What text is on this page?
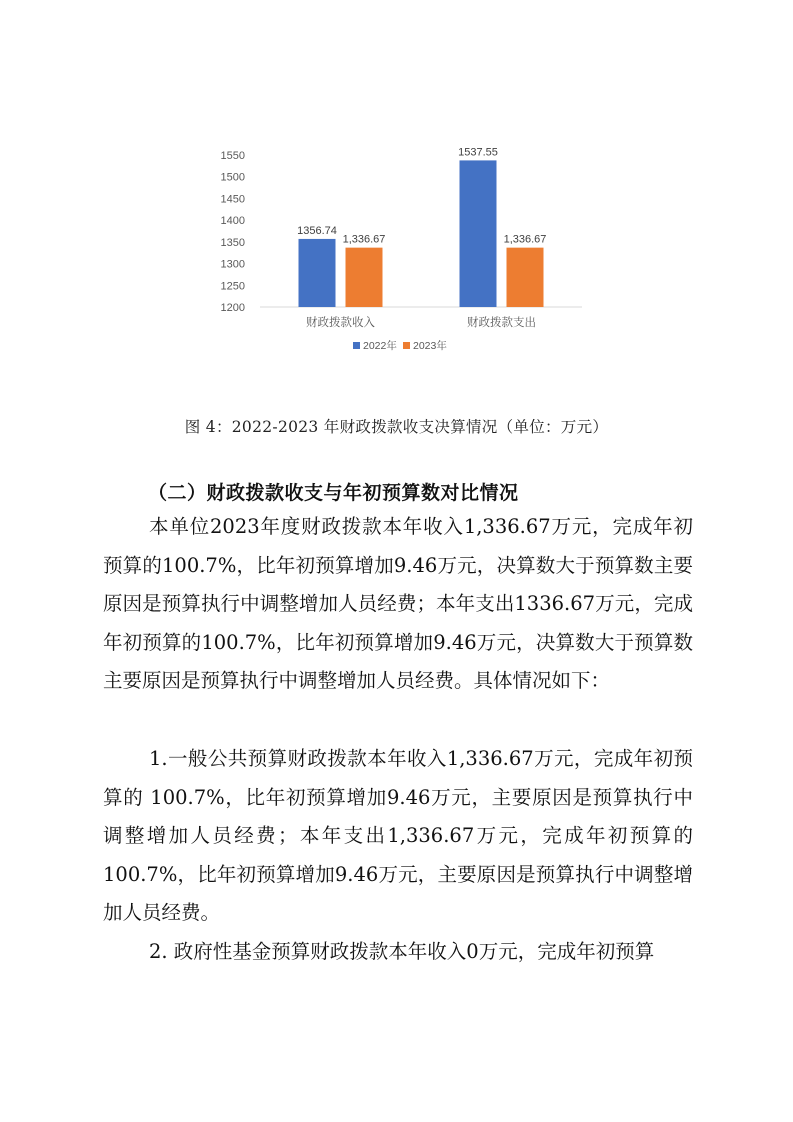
1200
1250
1300
1350
1400
1450
1500
1550
1356.74
1,336.67
财政拨款收入
1537.55
1,336.67
财政拨款支出
2022年 2023年
图 4：2022-2023 年财政拨款收支决算情况（单位：万元）
（二）财政拨款收支与年初预算数对比情况

本单位2023年度财政拨款本年收入1,336.67万元，完成年初预算的100.7%，比年初预算增加9.46万元，决算数大于预算数主要原因是预算执行中调整增加人员经费；本年支出1336.67万元，完成年初预算的100.7%，比年初预算增加9.46万元，决算数大于预算数主要原因是预算执行中调整增加人员经费。具体情况如下：

1.一般公共预算财政拨款本年收入1,336.67万元，完成年初预算的 100.7%，比年初预算增加9.46万元，主要原因是预算执行中调整增加人员经费；本年支出1,336.67万元，完成年初预算的100.7%，比年初预算增加9.46万元，主要原因是预算执行中调整增加人员经费。

2. 政府性基金预算财政拨款本年收入0万元，完成年初预算
